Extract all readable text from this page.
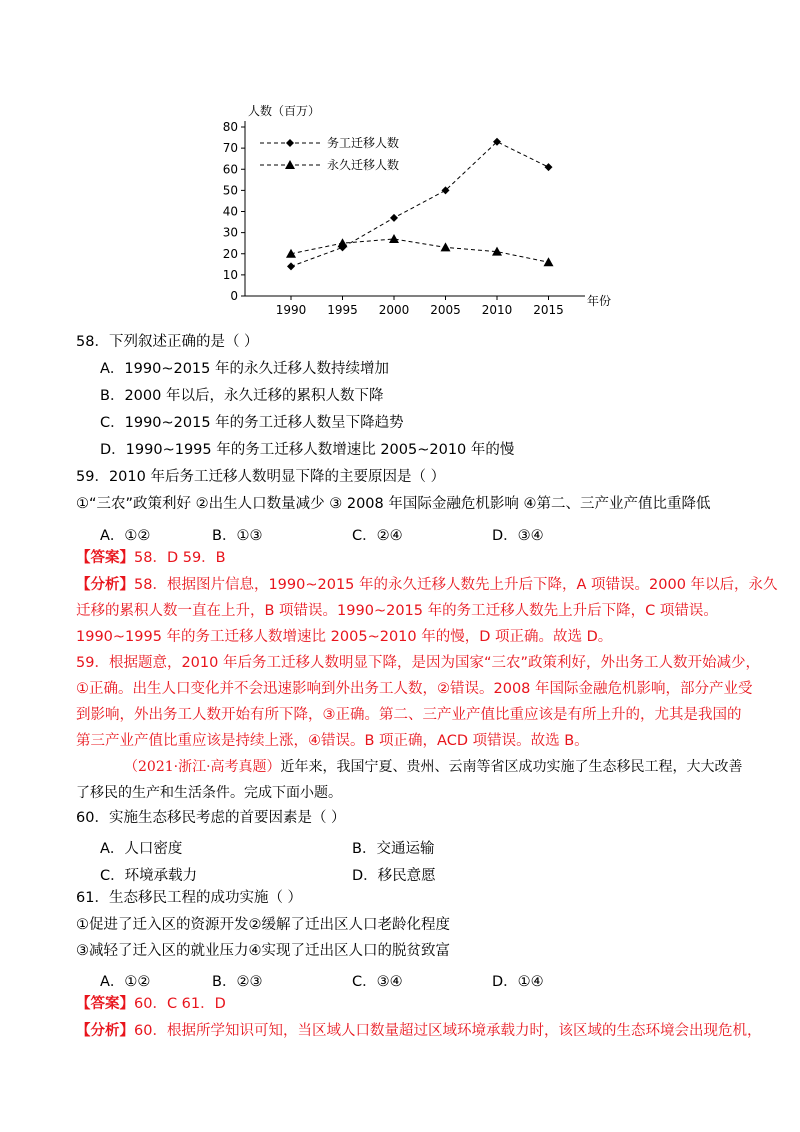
0
10
20
30
40
50
60
70
80
1990 1995 2000 2005 2010 2015
人数（百万）
年份
务工迁移人数
永久迁移人数
58．下列叙述正确的是（ ）
A．1990~2015 年的永久迁移人数持续增加
B．2000 年以后，永久迁移的累积人数下降
C．1990~2015 年的务工迁移人数呈下降趋势
D．1990~1995 年的务工迁移人数增速比 2005~2010 年的慢
59．2010 年后务工迁移人数明显下降的主要原因是（ ）
①“三农”政策利好 ②出生人口数量减少 ③ 2008 年国际金融危机影响 ④第二、三产业产值比重降低
A．①②	B．①③	C．②④	D．③④
【答案】58．D 59．B
【分析】58．根据图片信息，1990~2015 年的永久迁移人数先上升后下降，A 项错误。2000 年以后，永久
迁移的累积人数一直在上升，B 项错误。1990~2015 年的务工迁移人数先上升后下降，C 项错误。
1990~1995 年的务工迁移人数增速比 2005~2010 年的慢，D 项正确。故选 D。
59．根据题意，2010 年后务工迁移人数明显下降，是因为国家“三农”政策利好，外出务工人数开始减少，
①正确。出生人口变化并不会迅速影响到外出务工人数，②错误。2008 年国际金融危机影响，部分产业受
到影响，外出务工人数开始有所下降，③正确。第二、三产业产值比重应该是有所上升的，尤其是我国的
第三产业产值比重应该是持续上涨，④错误。B 项正确，ACD 项错误。故选 B。
（2021·浙江·高考真题）近年来，我国宁夏、贵州、云南等省区成功实施了生态移民工程，大大改善
了移民的生产和生活条件。完成下面小题。
60．实施生态移民考虑的首要因素是（ ）
A．人口密度	B．交通运输
C．环境承载力	D．移民意愿
61．生态移民工程的成功实施（ ）
①促进了迁入区的资源开发②缓解了迁出区人口老龄化程度
③减轻了迁入区的就业压力④实现了迁出区人口的脱贫致富
A．①②	B．②③	C．③④	D．①④
【答案】60．C 61．D
【分析】60．根据所学知识可知，当区域人口数量超过区域环境承载力时，该区域的生态环境会出现危机，
